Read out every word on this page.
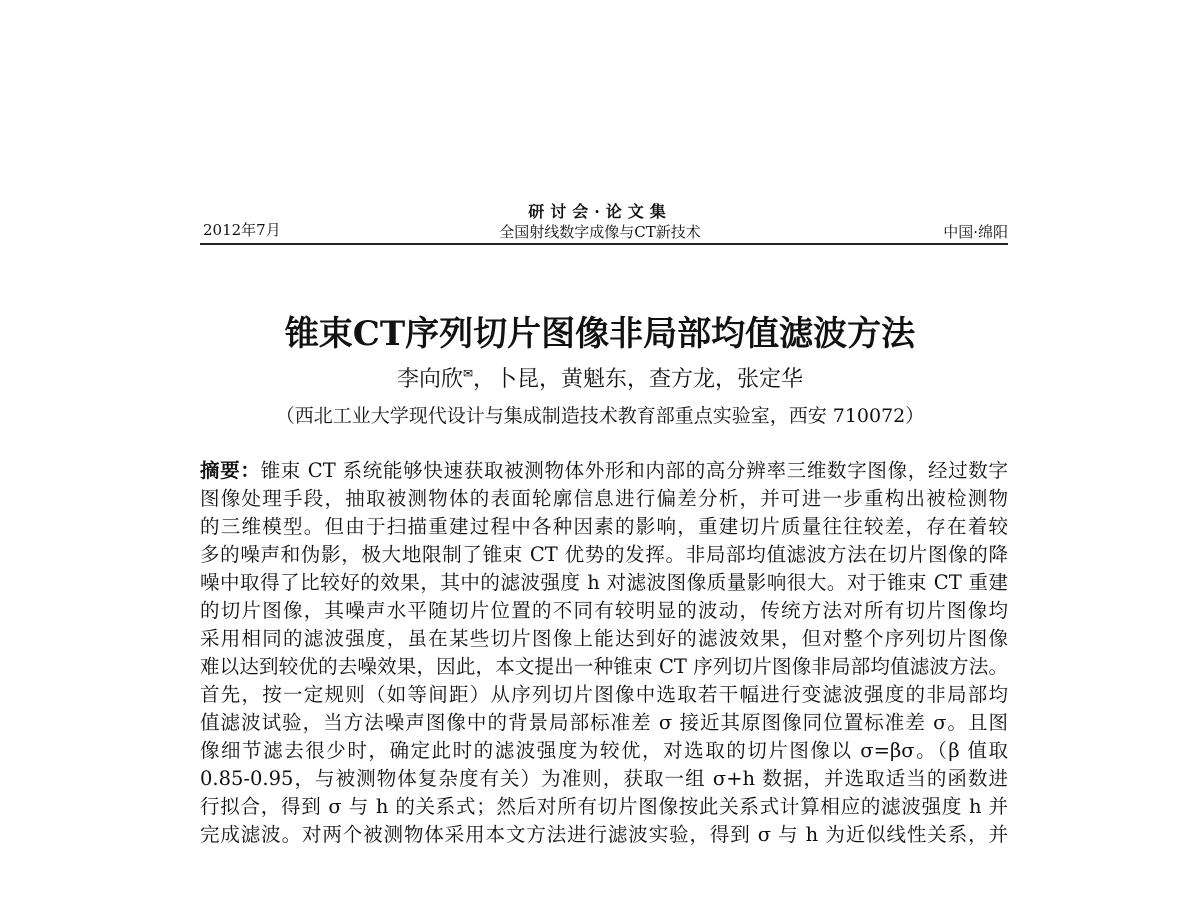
研讨会·论文集
全国射线数字成像与CT新技术
2012年7月	中国·绵阳
锥束CT序列切片图像非局部均值滤波方法
李向欣✉，卜昆，黄魁东，查方龙，张定华
（西北工业大学现代设计与集成制造技术教育部重点实验室，西安 710072）
摘要：锥束 CT 系统能够快速获取被测物体外形和内部的高分辨率三维数字图像，经过数字
图像处理手段，抽取被测物体的表面轮廓信息进行偏差分析，并可进一步重构出被检测物
的三维模型。但由于扫描重建过程中各种因素的影响，重建切片质量往往较差，存在着较
多的噪声和伪影，极大地限制了锥束 CT 优势的发挥。非局部均值滤波方法在切片图像的降
噪中取得了比较好的效果，其中的滤波强度 h 对滤波图像质量影响很大。对于锥束 CT 重建
的切片图像，其噪声水平随切片位置的不同有较明显的波动，传统方法对所有切片图像均
采用相同的滤波强度，虽在某些切片图像上能达到好的滤波效果，但对整个序列切片图像
难以达到较优的去噪效果，因此，本文提出一种锥束 CT 序列切片图像非局部均值滤波方法。
首先，按一定规则（如等间距）从序列切片图像中选取若干幅进行变滤波强度的非局部均
值滤波试验，当方法噪声图像中的背景局部标准差 σ 接近其原图像同位置标准差 σ。且图
像细节滤去很少时，确定此时的滤波强度为较优，对选取的切片图像以 σ=βσ。（β 值取
0.85-0.95，与被测物体复杂度有关）为准则，获取一组 σ+h 数据，并选取适当的函数进
行拟合，得到 σ 与 h 的关系式；然后对所有切片图像按此关系式计算相应的滤波强度 h 并
完成滤波。对两个被测物体采用本文方法进行滤波实验，得到 σ 与 h 为近似线性关系，并
